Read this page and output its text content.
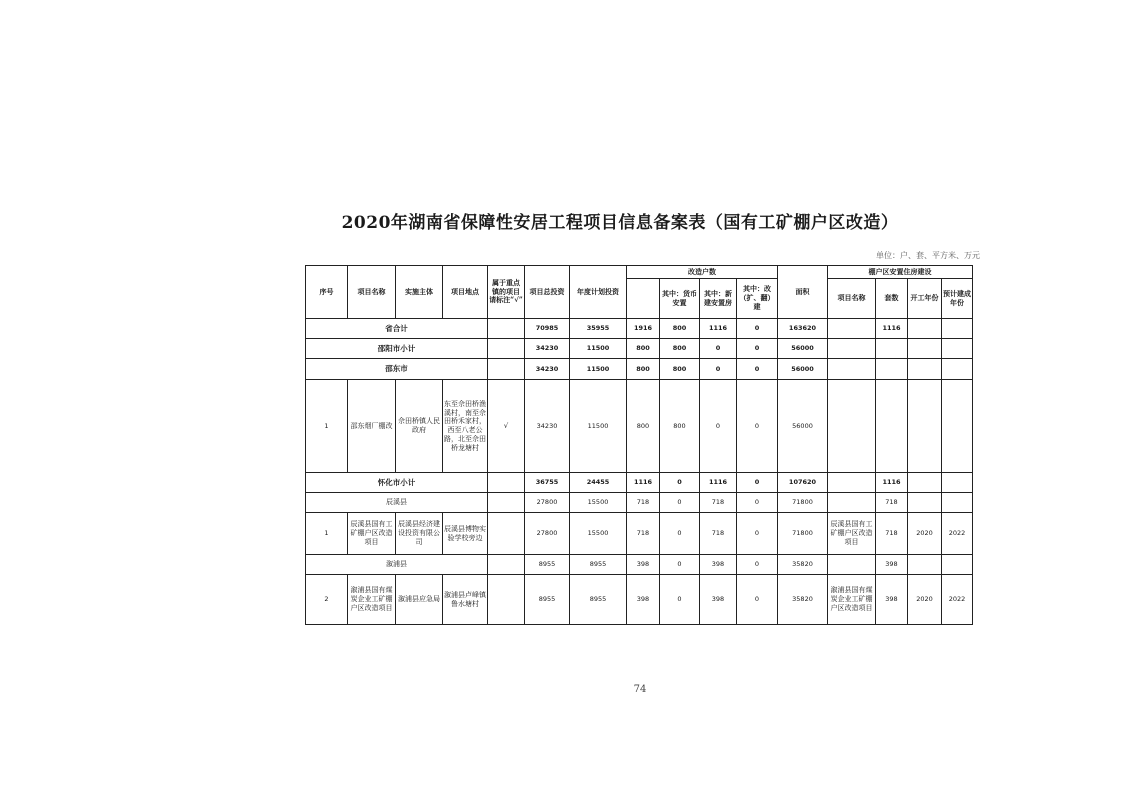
2020年湖南省保障性安居工程项目信息备案表（国有工矿棚户区改造）
单位：户、套、平方米、万元
序号	项目名称	实施主体	项目地点	属于重点镇的项目请标注“√”	项目总投资	年度计划投资	改造户数				面积	棚户区安置住房建设			
								其中：货币安置	其中：新建安置房	其中：改（扩、翻）建		项目名称	套数	开工年份	预计建成年份
省合计					70985	35955	1916	800	1116	0	163620		1116		
邵阳市小计					34230	11500	800	800	0	0	56000				
邵东市					34230	11500	800	800	0	0	56000				
1	邵东烟厂棚改	佘田桥镇人民政府	东至佘田桥渔溪村，南至佘田桥禾家村，西至八老公路，北至佘田桥龙塘村	√	34230	11500	800	800	0	0	56000				
怀化市小计					36755	24455	1116	0	1116	0	107620		1116		
辰溪县					27800	15500	718	0	718	0	71800		718		
1	辰溪县国有工矿棚户区改造项目	辰溪县经济建设投资有限公司	辰溪县博物实验学校旁边		27800	15500	718	0	718	0	71800	辰溪县国有工矿棚户区改造项目	718	2020	2022
溆浦县					8955	8955	398	0	398	0	35820		398		
2	溆浦县国有煤炭企业工矿棚户区改造项目	溆浦县应急局	溆浦县卢峰镇鲁水塘村		8955	8955	398	0	398	0	35820	溆浦县国有煤炭企业工矿棚户区改造项目	398	2020	2022
74
